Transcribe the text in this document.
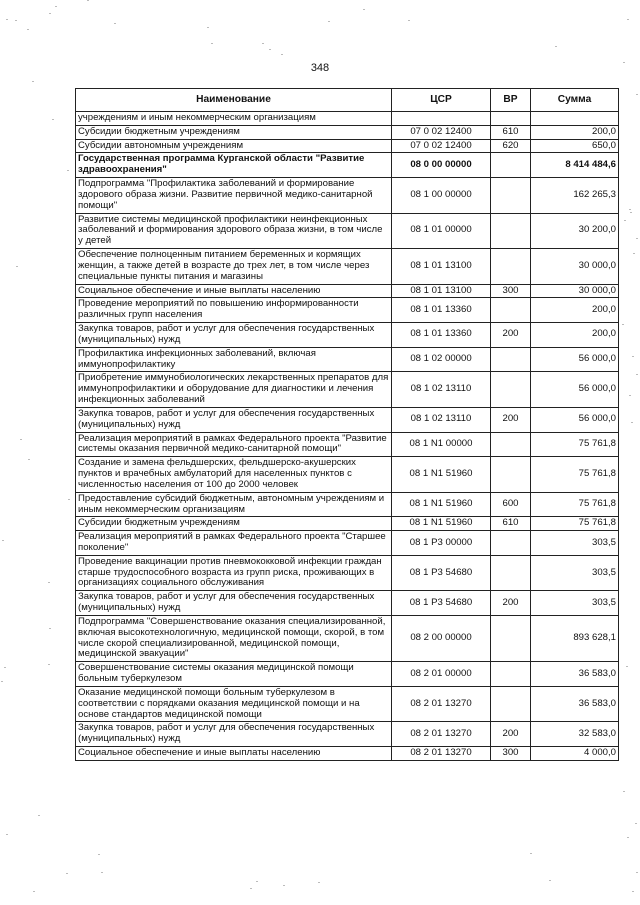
348
Наименование	ЦСР	ВР	Сумма
учреждениям и иным некоммерческим организациям			
Субсидии бюджетным учреждениям	07 0 02 12400	610	200,0
Субсидии автономным учреждениям	07 0 02 12400	620	650,0
Государственная программа Курганской области "Развитие здравоохранения"	08 0 00 00000		8 414 484,6
Подпрограмма "Профилактика заболеваний и формирование здорового образа жизни. Развитие первичной медико-санитарной помощи"	08 1 00 00000		162 265,3
Развитие системы медицинской профилактики неинфекционных заболеваний и формирования здорового образа жизни, в том числе у детей	08 1 01 00000		30 200,0
Обеспечение полноценным питанием беременных и кормящих женщин, а также детей в возрасте до трех лет, в том числе через специальные пункты питания и магазины	08 1 01 13100		30 000,0
Социальное обеспечение и иные выплаты населению	08 1 01 13100	300	30 000,0
Проведение мероприятий по повышению информированности различных групп населения	08 1 01 13360		200,0
Закупка товаров, работ и услуг для обеспечения государственных (муниципальных) нужд	08 1 01 13360	200	200,0
Профилактика инфекционных заболеваний, включая иммунопрофилактику	08 1 02 00000		56 000,0
Приобретение иммунобиологических лекарственных препаратов для иммунопрофилактики и оборудование для диагностики и лечения инфекционных заболеваний	08 1 02 13110		56 000,0
Закупка товаров, работ и услуг для обеспечения государственных (муниципальных) нужд	08 1 02 13110	200	56 000,0
Реализация мероприятий в рамках Федерального проекта "Развитие системы оказания первичной медико-санитарной помощи"	08 1 N1 00000		75 761,8
Создание и замена фельдшерских, фельдшерско-акушерских пунктов и врачебных амбулаторий для населенных пунктов с численностью населения от 100 до 2000 человек	08 1 N1 51960		75 761,8
Предоставление субсидий бюджетным, автономным учреждениям и иным некоммерческим организациям	08 1 N1 51960	600	75 761,8
Субсидии бюджетным учреждениям	08 1 N1 51960	610	75 761,8
Реализация мероприятий в рамках Федерального проекта "Старшее поколение"	08 1 P3 00000		303,5
Проведение вакцинации против пневмококковой инфекции граждан старше трудоспособного возраста из групп риска, проживающих в организациях социального обслуживания	08 1 P3 54680		303,5
Закупка товаров, работ и услуг для обеспечения государственных (муниципальных) нужд	08 1 P3 54680	200	303,5
Подпрограмма "Совершенствование оказания специализированной, включая высокотехнологичную, медицинской помощи, скорой, в том числе скорой специализированной, медицинской помощи, медицинской эвакуации"	08 2 00 00000		893 628,1
Совершенствование системы оказания медицинской помощи больным туберкулезом	08 2 01 00000		36 583,0
Оказание медицинской помощи больным туберкулезом в соответствии с порядками оказания медицинской помощи и на основе стандартов медицинской помощи	08 2 01 13270		36 583,0
Закупка товаров, работ и услуг для обеспечения государственных (муниципальных) нужд	08 2 01 13270	200	32 583,0
Социальное обеспечение и иные выплаты населению	08 2 01 13270	300	4 000,0
